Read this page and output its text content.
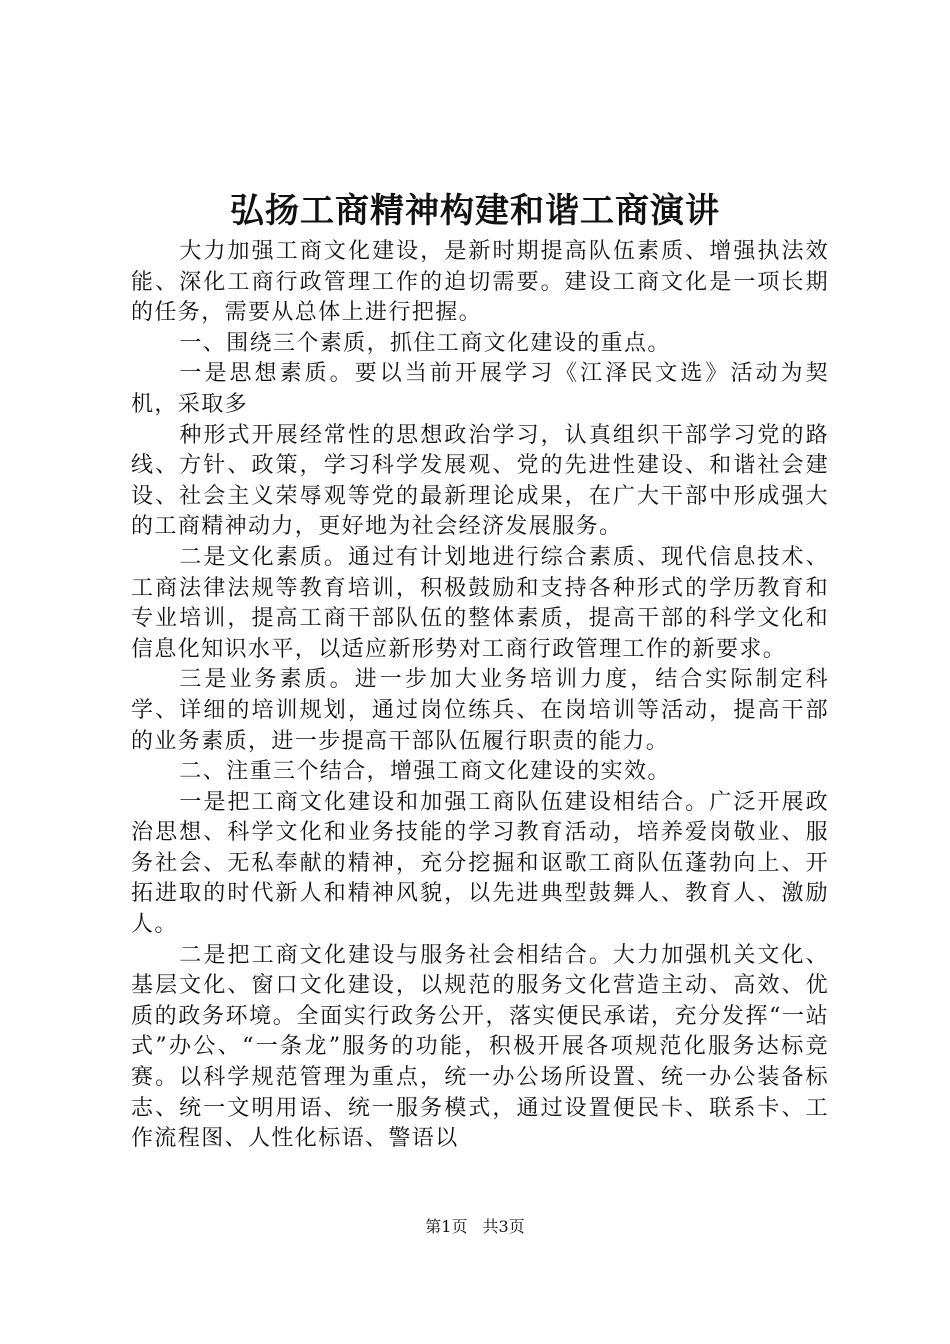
弘扬工商精神构建和谐工商演讲

大力加强工商文化建设，是新时期提高队伍素质、增强执法效能、深化工商行政管理工作的迫切需要。建设工商文化是一项长期的任务，需要从总体上进行把握。

一、围绕三个素质，抓住工商文化建设的重点。

一是思想素质。要以当前开展学习《江泽民文选》活动为契机，采取多

种形式开展经常性的思想政治学习，认真组织干部学习党的路线、方针、政策，学习科学发展观、党的先进性建设、和谐社会建设、社会主义荣辱观等党的最新理论成果，在广大干部中形成强大的工商精神动力，更好地为社会经济发展服务。

二是文化素质。通过有计划地进行综合素质、现代信息技术、工商法律法规等教育培训，积极鼓励和支持各种形式的学历教育和专业培训，提高工商干部队伍的整体素质，提高干部的科学文化和信息化知识水平，以适应新形势对工商行政管理工作的新要求。

三是业务素质。进一步加大业务培训力度，结合实际制定科学、详细的培训规划，通过岗位练兵、在岗培训等活动，提高干部的业务素质，进一步提高干部队伍履行职责的能力。

二、注重三个结合，增强工商文化建设的实效。

一是把工商文化建设和加强工商队伍建设相结合。广泛开展政治思想、科学文化和业务技能的学习教育活动，培养爱岗敬业、服务社会、无私奉献的精神，充分挖掘和讴歌工商队伍蓬勃向上、开拓进取的时代新人和精神风貌，以先进典型鼓舞人、教育人、激励人。

二是把工商文化建设与服务社会相结合。大力加强机关文化、基层文化、窗口文化建设，以规范的服务文化营造主动、高效、优质的政务环境。全面实行政务公开，落实便民承诺，充分发挥“一站式”办公、“一条龙”服务的功能，积极开展各项规范化服务达标竞赛。以科学规范管理为重点，统一办公场所设置、统一办公装备标志、统一文明用语、统一服务模式，通过设置便民卡、联系卡、工作流程图、人性化标语、警语以

第1页 共3页
